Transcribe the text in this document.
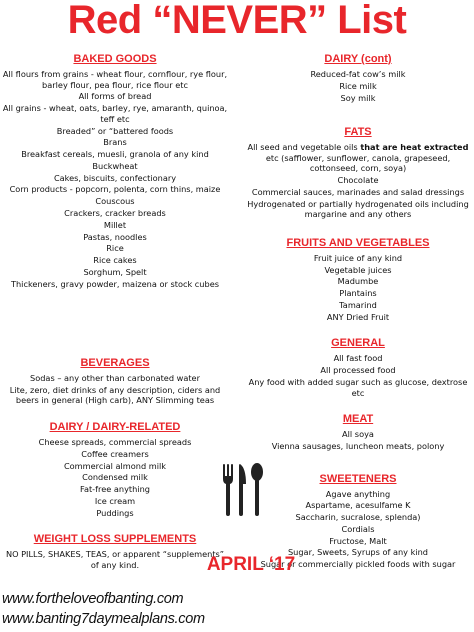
Red “NEVER” List
BAKED GOODS

All flours from grains - wheat flour, cornflour, rye flour, barley flour, pea flour, rice flour etc

All forms of bread

All grains - wheat, oats, barley, rye, amaranth, quinoa, teff etc

Breaded” or “battered foods

Brans

Breakfast cereals, muesli, granola of any kind

Buckwheat

Cakes, biscuits, confectionary

Corn products - popcorn, polenta, corn thins, maize

Couscous

Crackers, cracker breads

Millet

Pastas, noodles

Rice

Rice cakes

Sorghum, Spelt

Thickeners, gravy powder, maizena or stock cubes

BEVERAGES

Sodas – any other than carbonated water

Lite, zero, diet drinks of any description, ciders and beers in general (High carb), ANY Slimming teas

DAIRY / DAIRY-RELATED

Cheese spreads, commercial spreads

Coffee creamers

Commercial almond milk

Condensed milk

Fat-free anything

Ice cream

Puddings

WEIGHT LOSS SUPPLEMENTS

NO PILLS, SHAKES, TEAS, or apparent “supplements” of any kind.

DAIRY (cont)

Reduced-fat cow’s milk

Rice milk

Soy milk

FATS

All seed and vegetable oils that are heat extracted etc (safflower, sunflower, canola, grapeseed, cottonseed, corn, soya)

Chocolate

Commercial sauces, marinades and salad dressings

Hydrogenated or partially hydrogenated oils including margarine and any others

FRUITS AND VEGETABLES

Fruit juice of any kind

Vegetable juices

Madumbe

Plantains

Tamarind

ANY Dried Fruit

GENERAL

All fast food

All processed food

Any food with added sugar such as glucose, dextrose etc

MEAT

All soya

Vienna sausages, luncheon meats, polony

SWEETENERS

Agave anything

Aspartame, acesulfame K

Saccharin, sucralose, splenda)

Cordials

Fructose, Malt

Sugar, Sweets, Syrups of any kind

Sugar or commercially pickled foods with sugar

APRIL ‘17
www.fortheloveofbanting.com
www.banting7daymealplans.com
